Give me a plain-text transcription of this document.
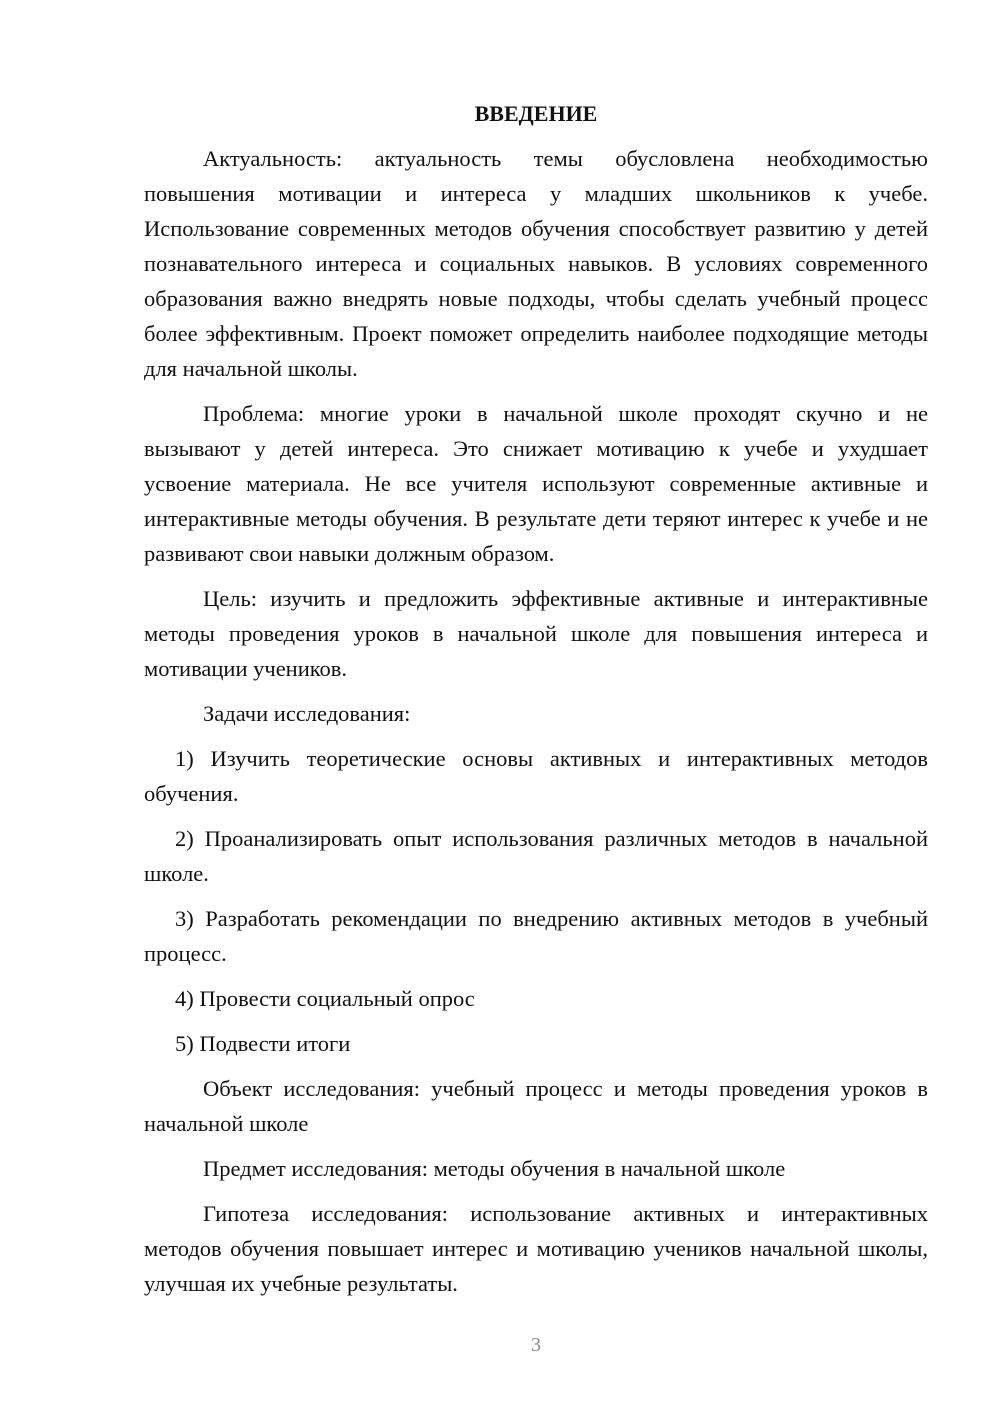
ВВЕДЕНИЕ

Актуальность: актуальность темы обусловлена необходимостью повышения мотивации и интереса у младших школьников к учебе. Использование современных методов обучения способствует развитию у детей познавательного интереса и социальных навыков. В условиях современного образования важно внедрять новые подходы, чтобы сделать учебный процесс более эффективным. Проект поможет определить наиболее подходящие методы для начальной школы.

Проблема: многие уроки в начальной школе проходят скучно и не вызывают у детей интереса. Это снижает мотивацию к учебе и ухудшает усвоение материала. Не все учителя используют современные активные и интерактивные методы обучения. В результате дети теряют интерес к учебе и не развивают свои навыки должным образом.

Цель: изучить и предложить эффективные активные и интерактивные методы проведения уроков в начальной школе для повышения интереса и мотивации учеников.

Задачи исследования:

1) Изучить теоретические основы активных и интерактивных методов обучения.

2) Проанализировать опыт использования различных методов в начальной школе.

3) Разработать рекомендации по внедрению активных методов в учебный процесс.

4) Провести социальный опрос

5) Подвести итоги

Объект исследования: учебный процесс и методы проведения уроков в начальной школе

Предмет исследования: методы обучения в начальной школе

Гипотеза исследования: использование активных и интерактивных методов обучения повышает интерес и мотивацию учеников начальной школы, улучшая их учебные результаты.

3
